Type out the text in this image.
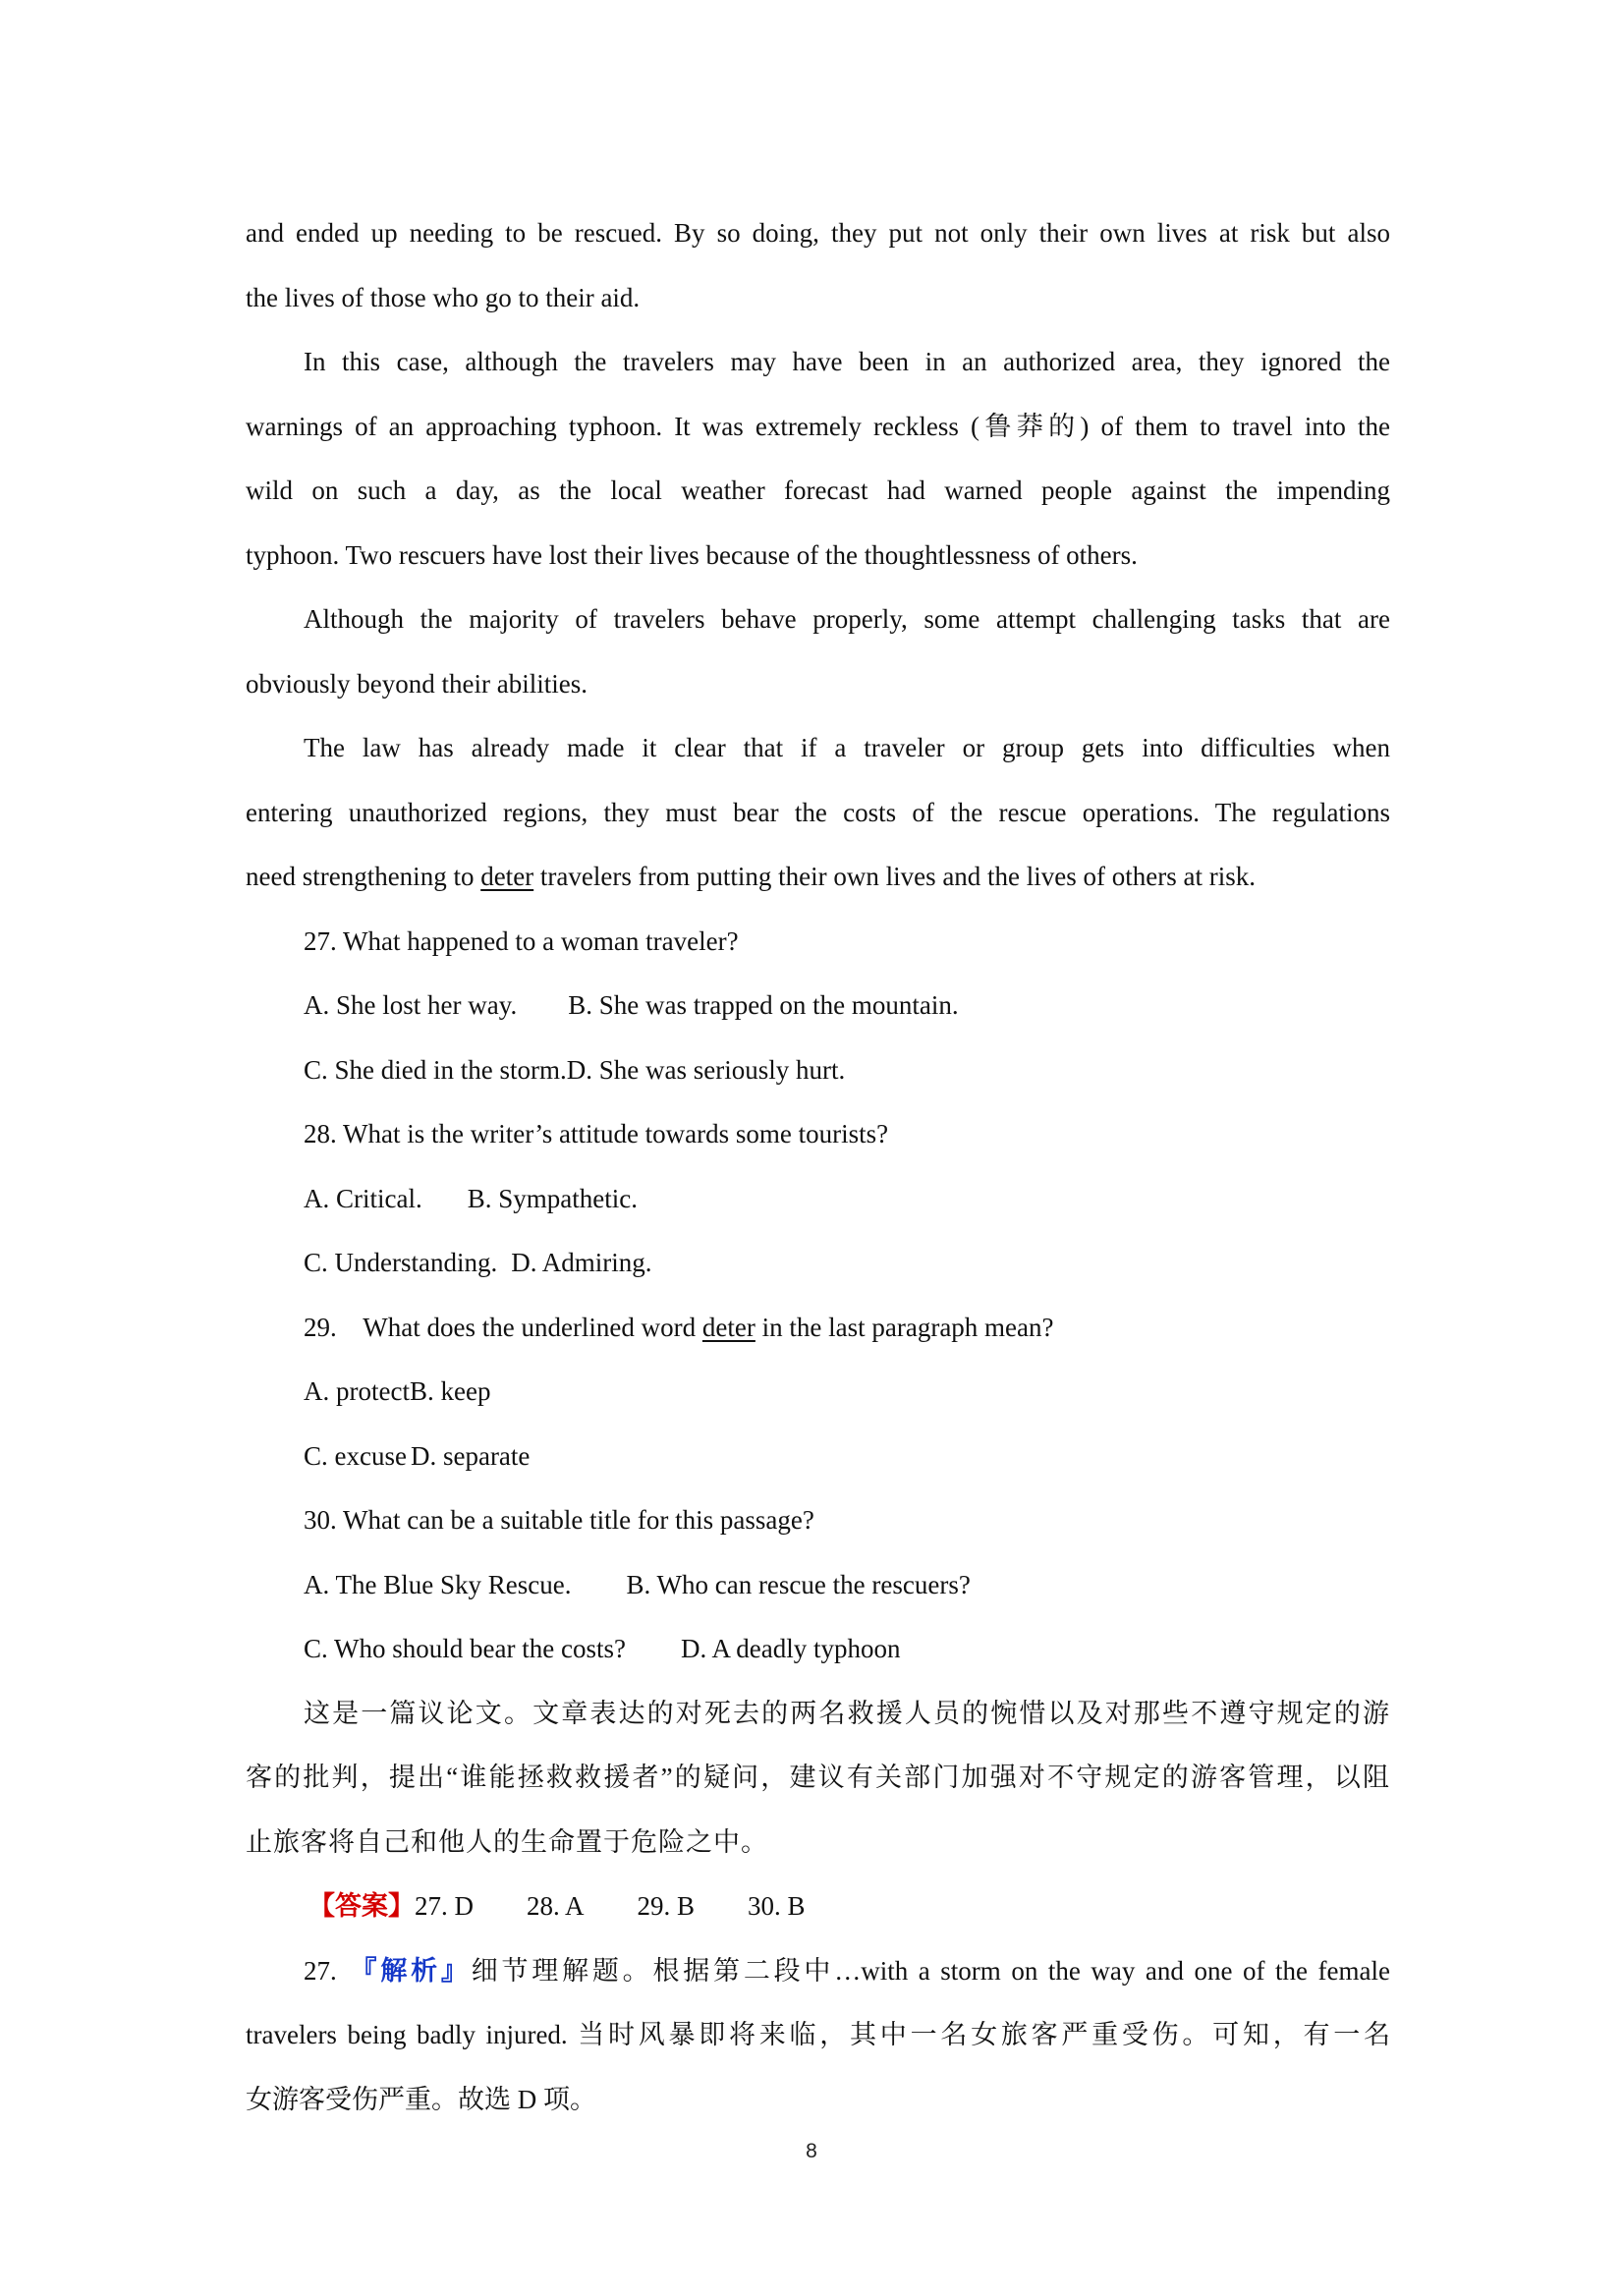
and ended up needing to be rescued. By so doing, they put not only their own lives at risk but also
the lives of those who go to their aid.
In this case, although the travelers may have been in an authorized area, they ignored the
warnings of an approaching typhoon. It was extremely reckless (鲁莽的) of them to travel into the
wild on such a day, as the local weather forecast had warned people against the impending
typhoon. Two rescuers have lost their lives because of the thoughtlessness of others.
Although the majority of travelers behave properly, some attempt challenging tasks that are
obviously beyond their abilities.
The law has already made it clear that if a traveler or group gets into difficulties when
entering unauthorized regions, they must bear the costs of the rescue operations. The regulations
need strengthening to deter travelers from putting their own lives and the lives of others at risk.
27. What happened to a woman traveler?
A. She lost her way. B. She was trapped on the mountain.
C. She died in the storm.D. She was seriously hurt.
28. What is the writer’s attitude towards some tourists?
A. Critical. B. Sympathetic.
C. Understanding. D. Admiring.
29.    What does the underlined word deter in the last paragraph mean?
A. protectB. keep
C. excuse D. separate
30. What can be a suitable title for this passage?
A. The Blue Sky Rescue. B. Who can rescue the rescuers?
C. Who should bear the costs? D. A deadly typhoon
这是一篇议论文。文章表达的对死去的两名救援人员的惋惜以及对那些不遵守规定的游
客的批判，提出“谁能拯救救援者”的疑问，建议有关部门加强对不守规定的游客管理，以阻
止旅客将自己和他人的生命置于危险之中。
【答案】27. D 28. A 29. B 30. B
27. 『解析』细节理解题。根据第二段中…with a storm on the way and one of the female
travelers being badly injured. 当时风暴即将来临，其中一名女旅客严重受伤。可知，有一名
女游客受伤严重。故选 D 项。
8
